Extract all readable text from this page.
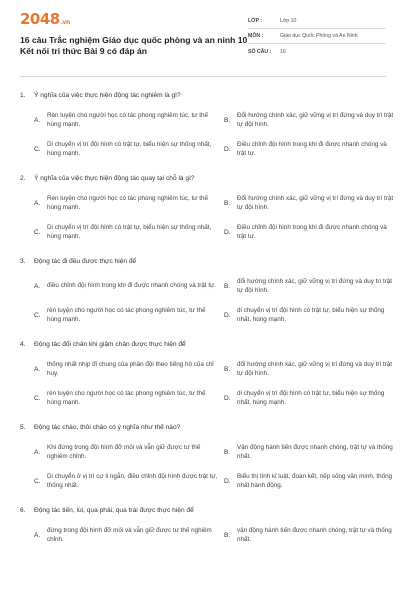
2048.vn
16 câu Trắc nghiệm Giáo dục quốc phòng và an ninh 10 Kết nối tri thức Bài 9 có đáp án
LỚP :	Lớp 10
MÔN :	Giáo dục Quốc Phòng và An Ninh
SỐ CÂU :	16
1.	Ý nghĩa của việc thực hiện động tác nghiêm là gì?
A.
Rèn luyện cho người học có tác phong nghiêm túc, tư thế hùng mạnh.
B.
Đổi hướng chính xác, giữ vững vị trí đứng và duy trì trật tự đội hình.
C.
Di chuyển vị trí đội hình có trật tự, biểu hiện sự thống nhất, hùng mạnh.
D.
Điều chỉnh đội hình trong khi đi được nhanh chóng và trật tự.
2.	Ý nghĩa của việc thực hiện động tác quay tại chỗ là gì?
A.
Rèn luyện cho người học có tác phong nghiêm túc, tư thế hùng mạnh.
B.
Đổi hướng chính xác, giữ vững vị trí đứng và duy trì trật tự đội hình.
C.
Di chuyển vị trí đội hình có trật tự, biểu hiện sự thống nhất, hùng mạnh.
D.
Điều chỉnh đội hình trong khi đi được nhanh chóng và trật tự.
3.	Động tác đi đều được thực hiện để
A.	điều chỉnh đội hình trong khi đi được nhanh chóng và trật tự.	B.
đổi hướng chính xác, giữ vững vị trí đứng và duy trì trật tự đội hình.
C.
rèn luyện cho người học có tác phong nghiêm túc, tư thế hùng mạnh.
D.
di chuyển vị trí đội hình có trật tự, biểu hiện sự thống nhất, hùng mạnh.
4.	Động tác đổi chân khi giậm chân được thực hiện để
A.
thống nhất nhịp đi chung của phân đội theo tiếng hô của chỉ huy.
B.
đổi hướng chính xác, giữ vững vị trí đứng và duy trì trật tự đội hình.
C.
rèn luyện cho người học có tác phong nghiêm túc, tư thế hùng mạnh.
D.
di chuyển vị trí đội hình có trật tự, biểu hiện sự thống nhất, hùng mạnh.
5.	Động tác chào, thôi chào có ý nghĩa như thế nào?
A.
Khi đứng trong đội hình đỡ mỏi và vẫn giữ được tư thế nghiêm chỉnh.
B.
Vận động hành tiến được nhanh chóng, trật tự và thống nhất.
C.
Di chuyển ở vị trí cự li ngắn, điều chỉnh đội hình được trật tự, thống nhất.
D.
Biểu thị tính kỉ luật, đoàn kết, nếp sống văn minh, thống nhất hành động.
6.	Động tác tiến, lùi, qua phải, qua trái được thực hiện để
A.
đứng trong đội hình đỡ mỏi và vẫn giữ được tư thế nghiêm chỉnh.
B.
vận động hành tiến được nhanh chóng, trật tự và thống nhất.
